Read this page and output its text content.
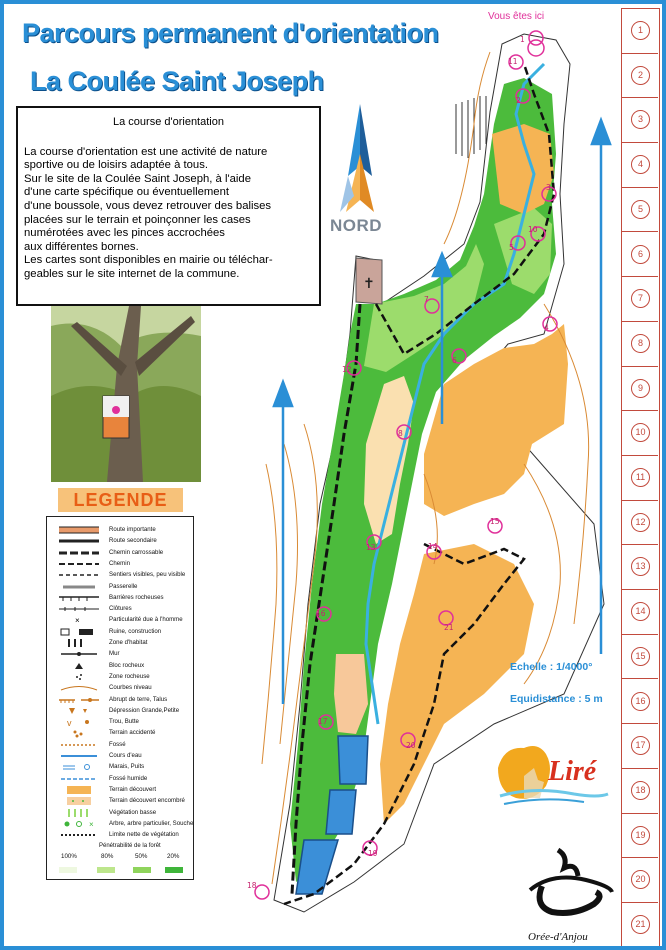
✝
1
2
3
5
10
6
7
8
13	14
15
21
16
17
20
19
18
12
4
11
Parcours permanent d'orientation
La Coulée Saint Joseph
Vous êtes ici
La course d'orientation

La course d'orientation est une activité de nature
sportive ou de loisirs adaptée à tous.
Sur le site de la Coulée Saint Joseph, à l'aide
d'une carte spécifique ou éventuellement
d'une boussole, vous devez retrouver des balises
placées sur le terrain et poinçonner les cases
numérotées avec les pinces accrochées
aux différentes bornes.
Les cartes sont disponibles en mairie ou téléchar-
geables sur le site internet de la commune.

LEGENDE
Route importante
Route secondaire
Chemin carrossable
Chemin
Sentiers visibles, peu visible
Passerelle
Barrières rocheuses
Clôtures
×	Particularité due à l'homme
Ruine, construction
Zone d'habitat
Mur
Bloc rocheux
Zone rocheuse
Courbes niveau
Abrupt de terre, Talus
Dépression Grande,Petite
v	Trou, Butte
Terrain accidenté
Fossé
Cours d'eau
Marais, Puits
Fossé humide
Terrain découvert
Terrain découvert encombré
Végétation basse
×	Arbre, arbre particulier, Souche
Limite nette de végétation
Pénétrabilité de la forêt
100%	80%	50%	20%
NORD
Echelle : 1/4000°
Equidistance : 5 m
Liré
Orée-d'Anjou
1
2
3
4
5
6
7
8
9
10
11
12
13
14
15
16
17
18
19
20
21
